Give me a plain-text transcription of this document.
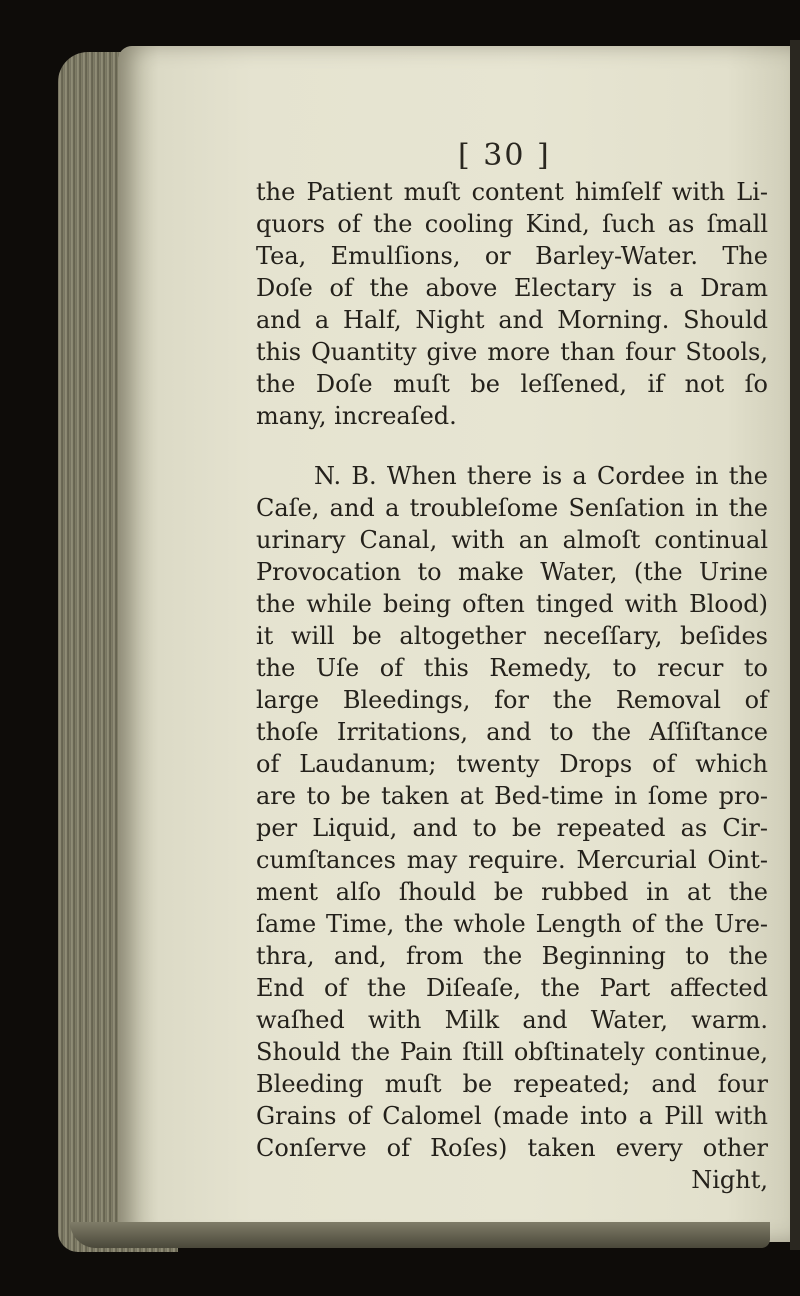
[ 30 ]
the Patient muſt content himſelf with Li-
quors of the cooling Kind, ſuch as ſmall
Tea, Emulſions, or Barley-Water. The
Doſe of the above Electary is a Dram
and a Half, Night and Morning. Should
this Quantity give more than four Stools,
the Doſe muſt be leſſened, if not ſo
many, increaſed.
N. B. When there is a Cordee in the
Caſe, and a troubleſome Senſation in the
urinary Canal, with an almoſt continual
Provocation to make Water, (the Urine
the while being often tinged with Blood)
it will be altogether neceſſary, beſides
the Uſe of this Remedy, to recur to
large Bleedings, for the Removal of
thoſe Irritations, and to the Aſſiſtance
of Laudanum; twenty Drops of which
are to be taken at Bed-time in ſome pro-
per Liquid, and to be repeated as Cir-
cumſtances may require. Mercurial Oint-
ment alſo ſhould be rubbed in at the
ſame Time, the whole Length of the Ure-
thra, and, from the Beginning to the
End of the Diſeaſe, the Part affected
waſhed with Milk and Water, warm.
Should the Pain ſtill obſtinately continue,
Bleeding muſt be repeated; and four
Grains of Calomel (made into a Pill with
Conſerve of Roſes) taken every other
Night,
